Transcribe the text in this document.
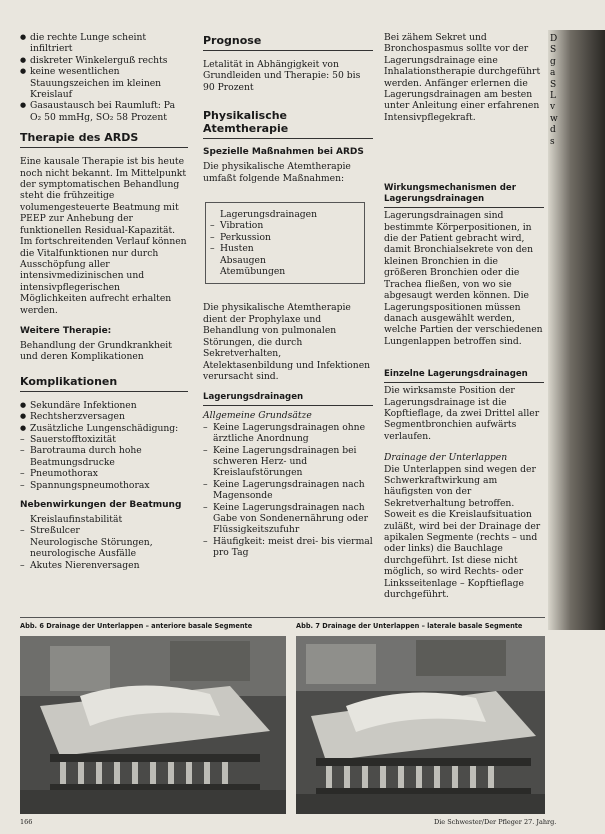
● die rechte Lunge scheint infiltriert
● diskreter Winkelerguß rechts
● keine wesentlichen Stauungszeichen im kleinen Kreislauf
● Gasaustausch bei Raumluft: Pa O₂ 50 mmHg, SO₂ 58 Prozent
Therapie des ARDS

Eine kausale Therapie ist bis heute noch nicht bekannt. Im Mittelpunkt der symptomatischen Behandlung steht die frühzeitige volumengesteuerte Beatmung mit PEEP zur Anhebung der funktionellen Residual-Kapazität. Im fortschreitenden Verlauf können die Vitalfunktionen nur durch Ausschöpfung aller intensivmedizinischen und intensivpflegerischen Möglichkeiten aufrecht erhalten werden.

Weitere Therapie:

Behandlung der Grundkrankheit und deren Komplikationen

Komplikationen
● Sekundäre Infektionen
● Rechtsherzversagen
● Zusätzliche Lungenschädigung:
– Sauerstofftoxizität
– Barotrauma durch hohe Beatmungsdrucke
– Pneumothorax
– Spannungspneumothorax
Nebenwirkungen der Beatmung
Kreislaufinstabilität
– Streßulcer
Neurologische Störungen, neurologische Ausfälle
– Akutes Nierenversagen
Prognose

Letalität in Abhängigkeit von Grundleiden und Therapie: 50 bis 90 Prozent

Physikalische Atemtherapie
Spezielle Maßnahmen bei ARDS

Die physikalische Atemtherapie umfaßt folgende Maßnahmen:

Lagerungsdrainagen
– Vibration
– Perkussion
– Husten
Absaugen
Atemübungen

Die physikalische Atemtherapie dient der Prophylaxe und Behandlung von pulmonalen Störungen, die durch Sekretverhalten, Atelektasenbildung und Infektionen verursacht sind.

Lagerungsdrainagen
Allgemeine Grundsätze
– Keine Lagerungsdrainagen ohne ärztliche Anordnung
– Keine Lagerungsdrainagen bei schweren Herz- und Kreislaufstörungen
– Keine Lagerungsdrainagen nach Magensonde
– Keine Lagerungsdrainagen nach Gabe von Sondenernährung oder Flüssigkeitszufuhr
– Häufigkeit: meist drei- bis viermal pro Tag

Bei zähem Sekret und Bronchospasmus sollte vor der Lagerungsdrainage eine Inhalationstherapie durchgeführt werden. Anfänger erlernen die Lagerungsdrainagen am besten unter Anleitung einer erfahrenen Intensivpflegekraft.

Wirkungsmechanismen der Lagerungsdrainagen

Lagerungsdrainagen sind bestimmte Körperpositionen, in die der Patient gebracht wird, damit Bronchialsekrete von den kleinen Bronchien in die größeren Bronchien oder die Trachea fließen, von wo sie abgesaugt werden können. Die Lagerungspositionen müssen danach ausgewählt werden, welche Partien der verschiedenen Lungenlappen betroffen sind.

Einzelne Lagerungsdrainagen

Die wirksamste Position der Lagerungsdrainage ist die Kopftieflage, da zwei Drittel aller Segmentbronchien aufwärts verlaufen.

Drainage der Unterlappen

Die Unterlappen sind wegen der Schwerkraftwirkung am häufigsten von der Sekretverhaltung betroffen. Soweit es die Kreislaufsituation zuläßt, wird bei der Drainage der apikalen Segmente (rechts – und oder links) die Bauchlage durchgeführt. Ist diese nicht möglich, so wird Rechts- oder Linksseitenlage – Kopftieflage durchgeführt.

D
S
g
a
S
L
v
w
d
s
Abb. 6 Drainage der Unterlappen – anteriore basale Segmente	Abb. 7 Drainage der Unterlappen – laterale basale Segmente
166	Die Schwester/Der Pfleger 27. Jahrg.
